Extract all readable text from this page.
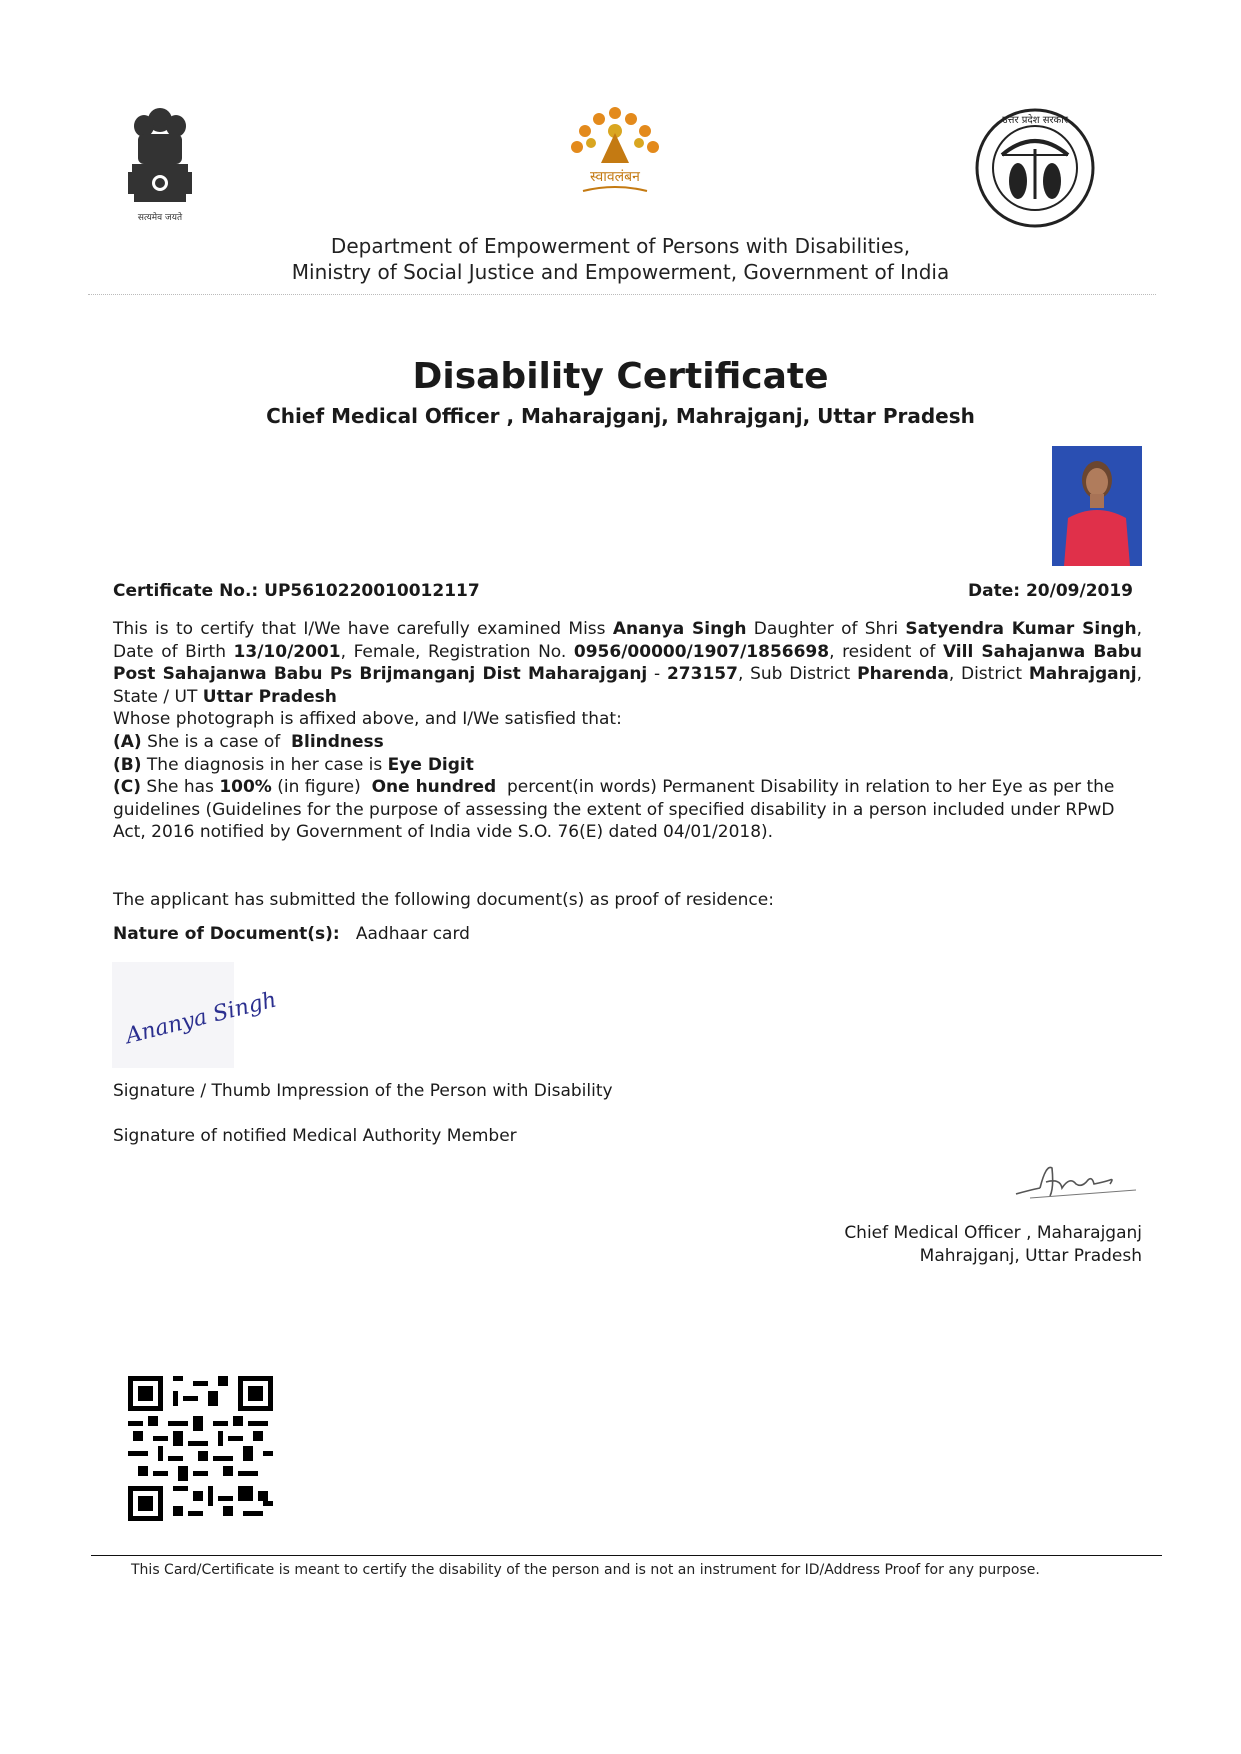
सत्यमेव जयते
स्वावलंबन
उत्तर प्रदेश सरकार
Department of Empowerment of Persons with Disabilities,
Ministry of Social Justice and Empowerment, Government of India
Disability Certificate
Chief Medical Officer , Maharajganj, Mahrajganj, Uttar Pradesh
Certificate No.: UP5610220010012117	Date: 20/09/2019

This is to certify that I/We have carefully examined Miss Ananya Singh Daughter of Shri Satyendra Kumar Singh, Date of Birth 13/10/2001, Female, Registration No. 0956/00000/1907/1856698, resident of Vill Sahajanwa Babu Post Sahajanwa Babu Ps Brijmanganj Dist Maharajganj - 273157, Sub District Pharenda, District Mahrajganj, State / UT Uttar Pradesh

Whose photograph is affixed above, and I/We satisfied that:

(A) She is a case of Blindness

(B) The diagnosis in her case is Eye Digit

(C) She has 100% (in figure) One hundred percent(in words) Permanent Disability in relation to her Eye as per the guidelines (Guidelines for the purpose of assessing the extent of specified disability in a person included under RPwD Act, 2016 notified by Government of India vide S.O. 76(E) dated 04/01/2018).

The applicant has submitted the following document(s) as proof of residence:
Nature of Document(s): Aadhaar card
Ananya Singh
Signature / Thumb Impression of the Person with Disability
Signature of notified Medical Authority Member
Chief Medical Officer , Maharajganj
Mahrajganj, Uttar Pradesh
This Card/Certificate is meant to certify the disability of the person and is not an instrument for ID/Address Proof for any purpose.
